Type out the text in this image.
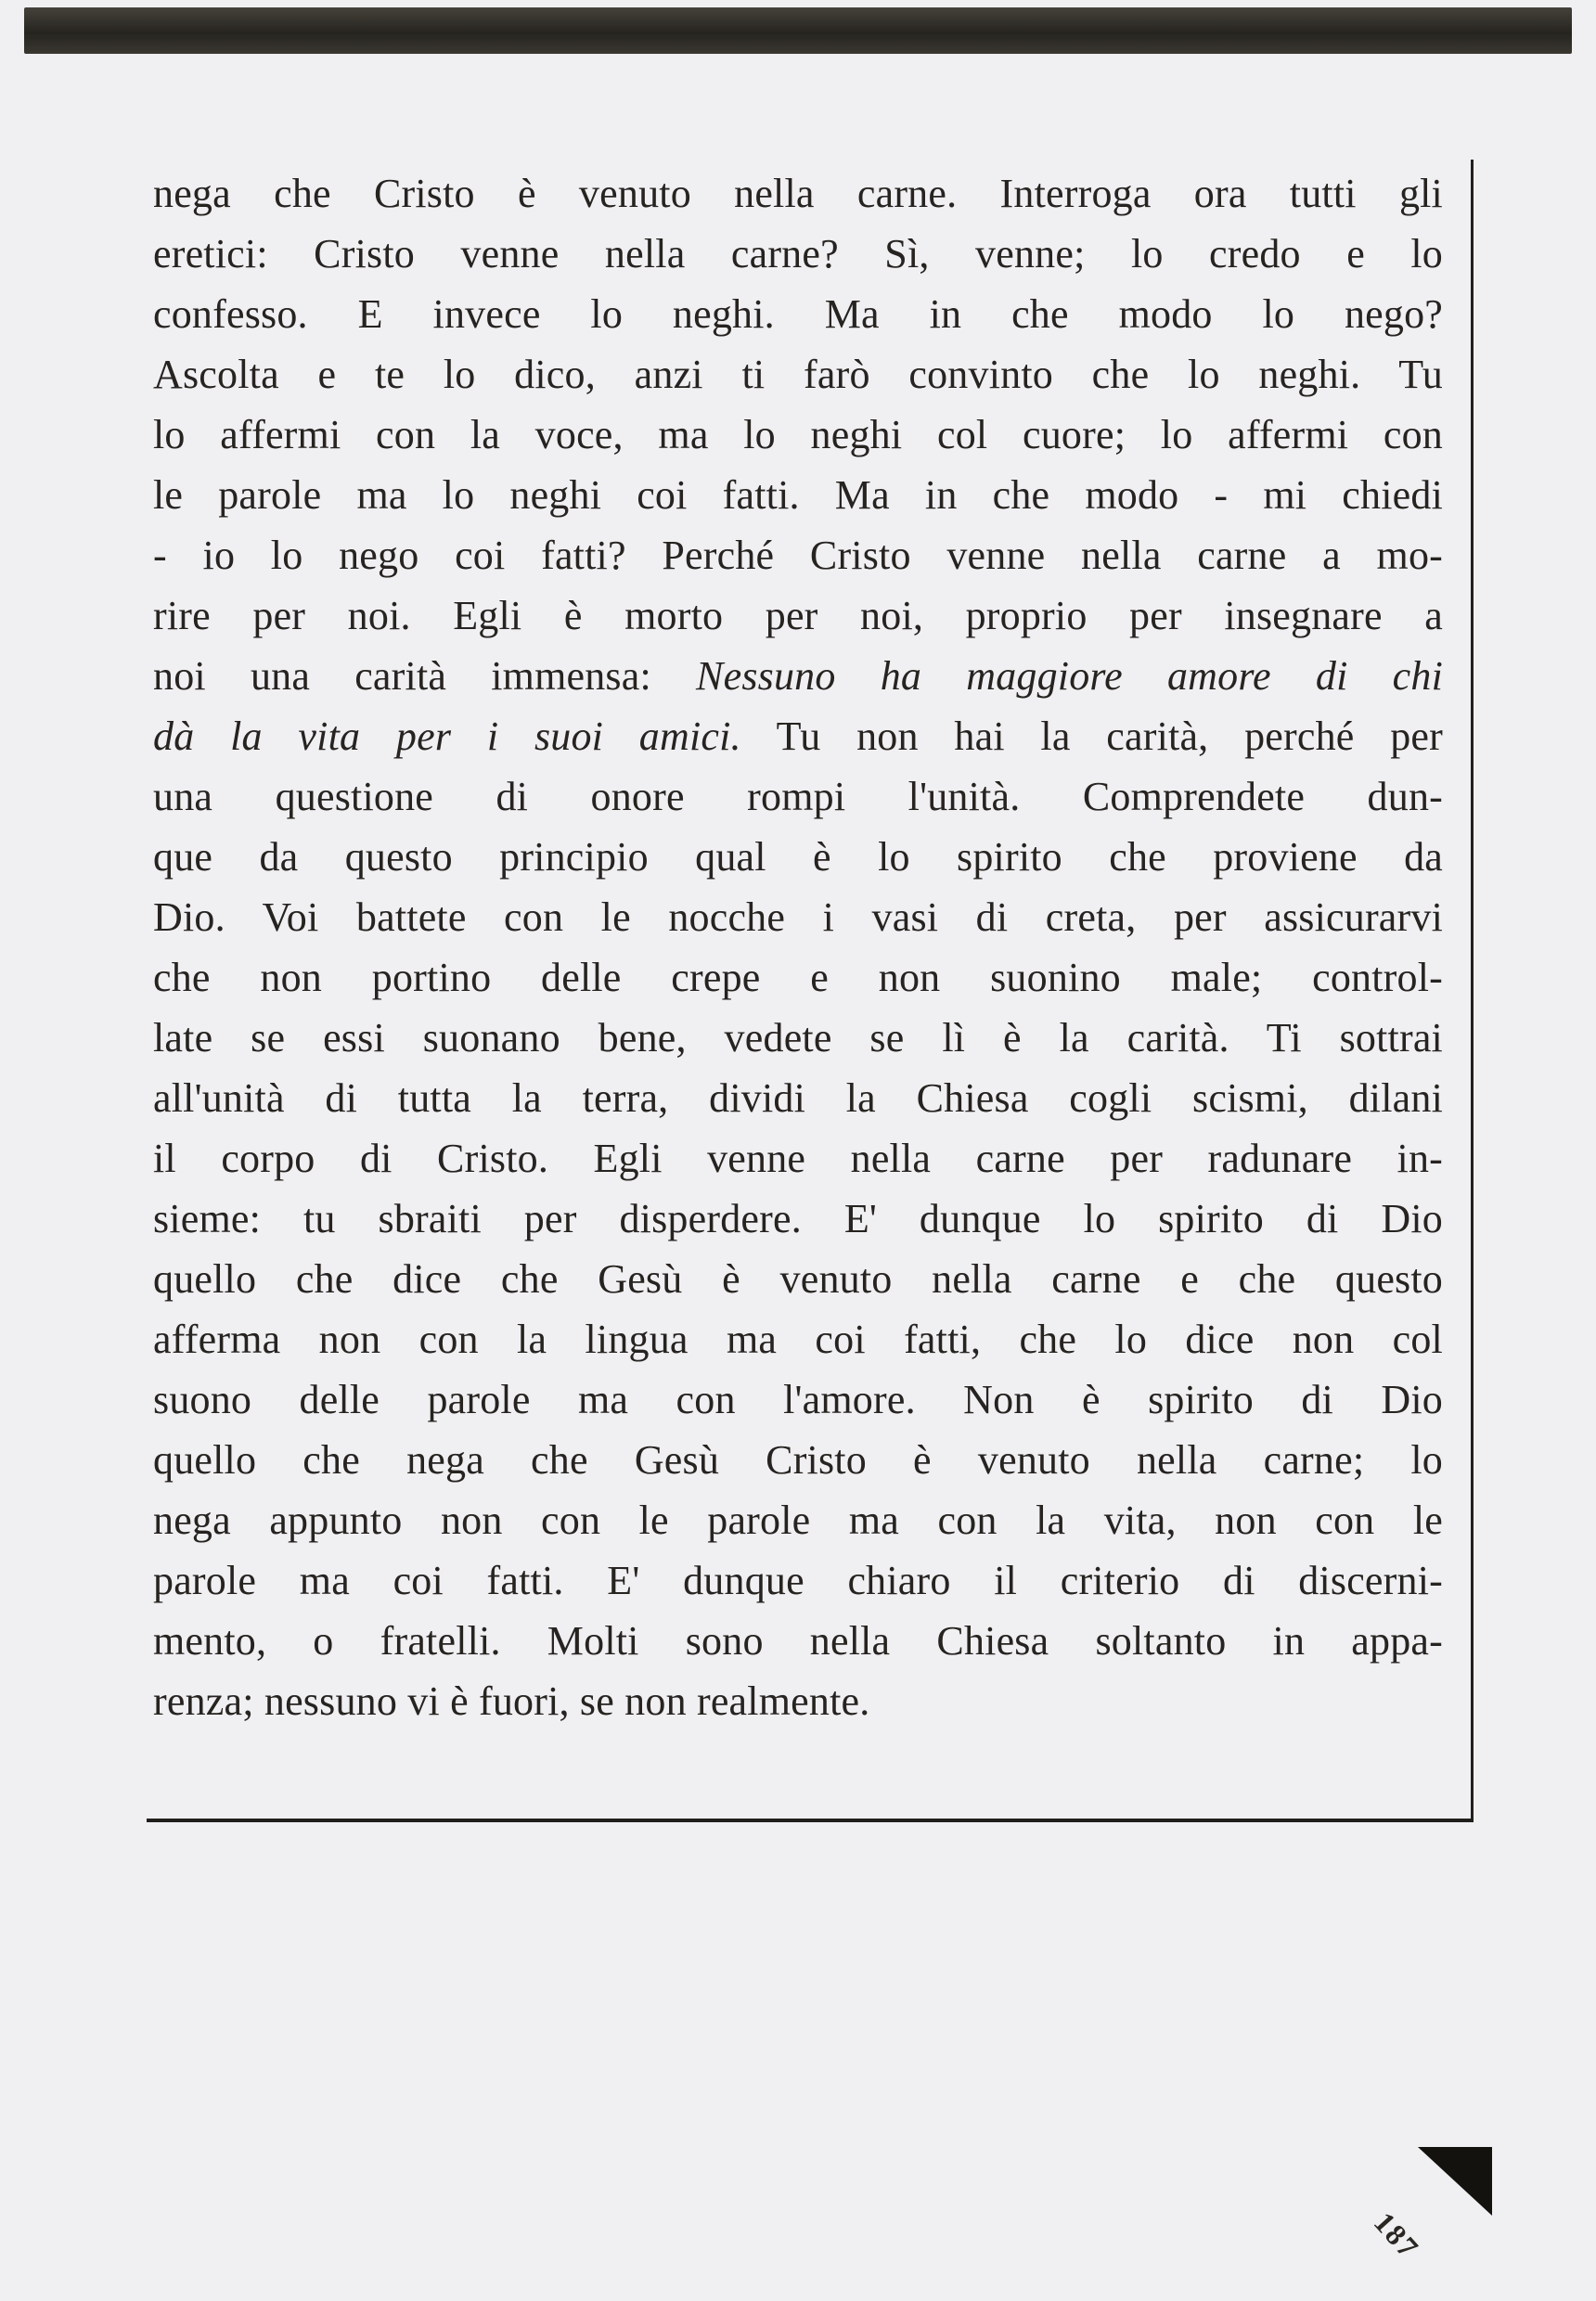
nega che Cristo è venuto nella carne. Interroga ora tutti gli
eretici: Cristo venne nella carne? Sì, venne; lo credo e lo
confesso. E invece lo neghi. Ma in che modo lo nego?
Ascolta e te lo dico, anzi ti farò convinto che lo neghi. Tu
lo affermi con la voce, ma lo neghi col cuore; lo affermi con
le parole ma lo neghi coi fatti. Ma in che modo - mi chiedi
- io lo nego coi fatti? Perché Cristo venne nella carne a mo-
rire per noi. Egli è morto per noi, proprio per insegnare a
noi una carità immensa: Nessuno ha maggiore amore di chi
dà la vita per i suoi amici. Tu non hai la carità, perché per
una questione di onore rompi l'unità. Comprendete dun-
que da questo principio qual è lo spirito che proviene da
Dio. Voi battete con le nocche i vasi di creta, per assicurarvi
che non portino delle crepe e non suonino male; control-
late se essi suonano bene, vedete se lì è la carità. Ti sottrai
all'unità di tutta la terra, dividi la Chiesa cogli scismi, dilani
il corpo di Cristo. Egli venne nella carne per radunare in-
sieme: tu sbraiti per disperdere. E' dunque lo spirito di Dio
quello che dice che Gesù è venuto nella carne e che questo
afferma non con la lingua ma coi fatti, che lo dice non col
suono delle parole ma con l'amore. Non è spirito di Dio
quello che nega che Gesù Cristo è venuto nella carne; lo
nega appunto non con le parole ma con la vita, non con le
parole ma coi fatti. E' dunque chiaro il criterio di discerni-
mento, o fratelli. Molti sono nella Chiesa soltanto in appa-
renza; nessuno vi è fuori, se non realmente.
187
